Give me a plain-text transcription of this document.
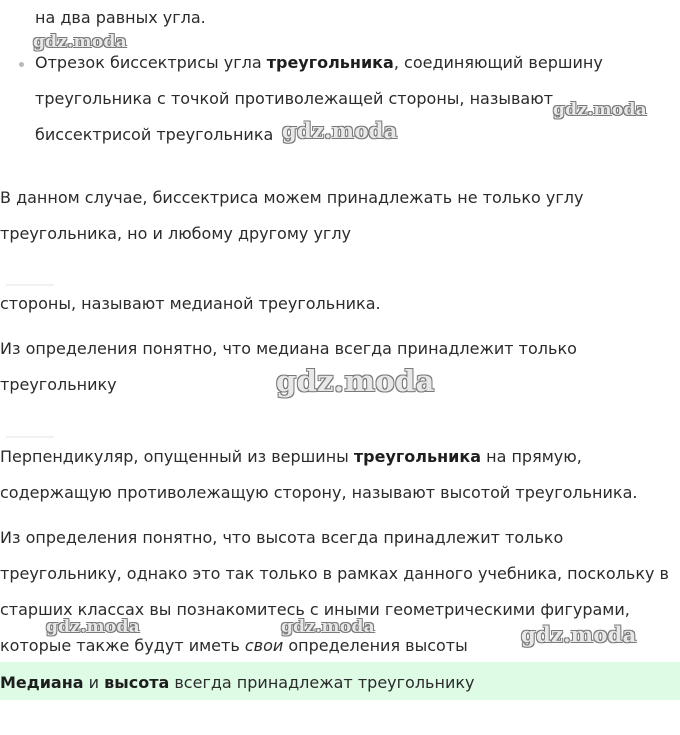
на два равных угла.
Отрезок биссектрисы угла треугольника, соединяющий вершину
треугольника с точкой противолежащей стороны, называют
биссектрисой треугольника
В данном случае, биссектриса можем принадлежать не только углу
треугольника, но и любому другому углу
стороны, называют медианой треугольника.
Из определения понятно, что медиана всегда принадлежит только
треугольнику
Перпендикуляр, опущенный из вершины треугольника на прямую,
содержащую противолежащую сторону, называют высотой треугольника.
Из определения понятно, что высота всегда принадлежит только
треугольнику, однако это так только в рамках данного учебника, поскольку в
старших классах вы познакомитесь с иными геометрическими фигурами,
которые также будут иметь свои определения высоты
Медиана и высота всегда принадлежат треугольнику
gdz.moda
gdz.moda
gdz.moda
gdz.moda
gdz.moda	gdz.moda	gdz.moda
